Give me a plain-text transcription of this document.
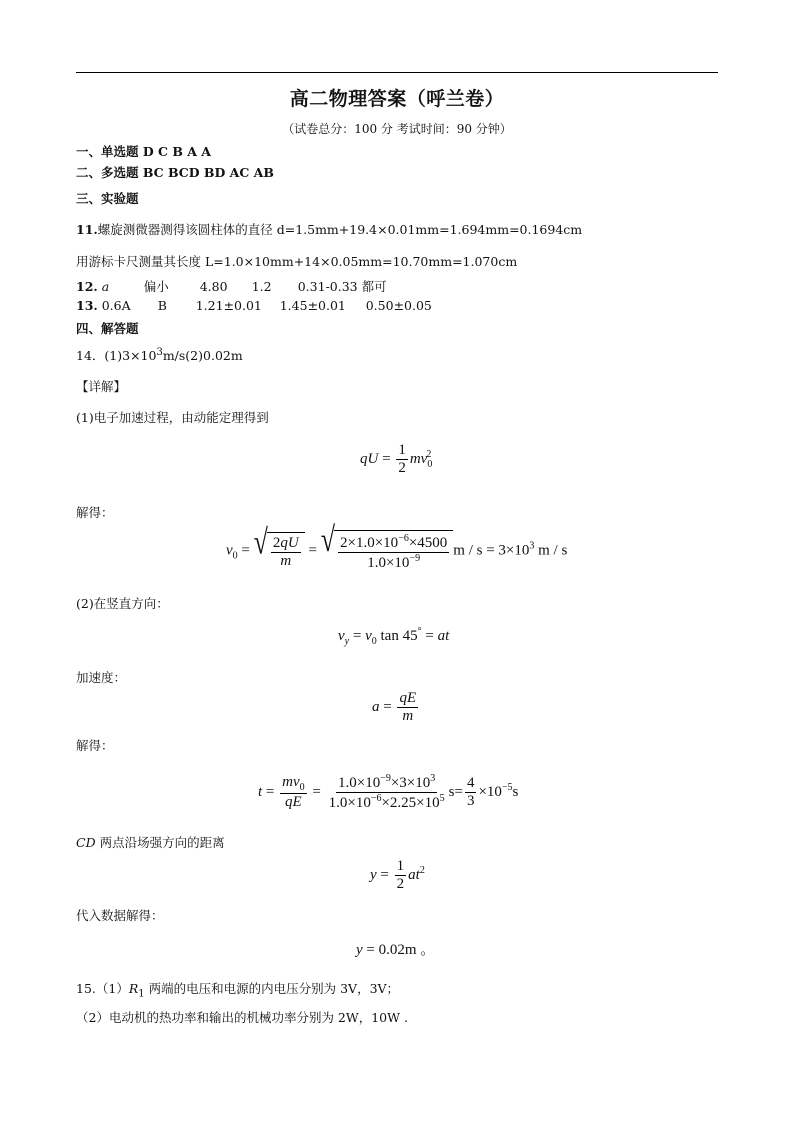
高二物理答案（呼兰卷）
（试卷总分：100 分 考试时间：90 分钟）
一、单选题 D C B A A
二、多选题 BC BCD BD AC AB
三、实验题
11.螺旋测微器测得该圆柱体的直径 d=1.5mm+19.4×0.01mm=1.694mm=0.1694cm
用游标卡尺测量其长度 L=1.0×10mm+14×0.05mm=10.70mm=1.070cm
12. a	偏小 4.80 1.2 0.31-0.33 都可
13. 0.6A B 1.21±0.01 1.45±0.01 0.50±0.05
四、解答题
14．$(1)3\times 10^3m/s(2)0.02m$
【详解】
(1)电子加速过程，由动能定理得到
qU = $\frac{1}{2} mv_0^2$
解得：
$v_0$ = √ $\frac{2qU}{m}$ = √ $\frac{2\times 1.0\times 10^{-6}\times 4500}{1.0\times 10^{-9}}$ $m / s = 3\times 10^3$ m / s
(2)在竖直方向：
$v_y = v_0$ tan 45° = at
加速度：
$a = \frac{qE}{m}$
解得：
$t = \frac{mv_0}{qE} = \frac{1.0\times 10^{-9}\times 3\times 10^3}{1.0\times 10^{-6}\times 2.25\times 10^5} s= \frac{4}{3} \times 10^{-5}s$
CD 两点沿场强方向的距离
$y = \frac{1}{2} at^2$
代入数据解得：
y = 0.02m 。
$15.(1)R_1$ 两端的电压和电源的内电压分别为 3V，3V；
（2）电动机的热功率和输出的机械功率分别为 2W，10W .
